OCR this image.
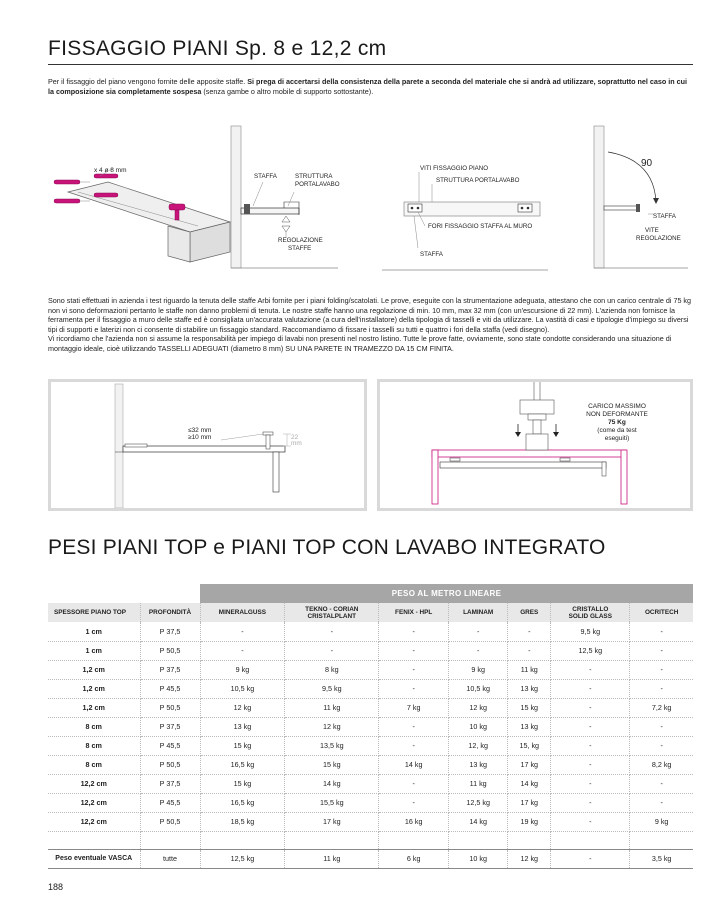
FISSAGGIO PIANI Sp. 8 e 12,2 cm
Per il fissaggio del piano vengono fornite delle apposite staffe. Si prega di accertarsi della consistenza della parete a seconda del materiale che si andrà ad utilizzare, soprattutto nel caso in cui la composizione sia completamente sospesa (senza gambe o altro mobile di supporto sottostante).
x 4 ø 8 mm
STAFFA	STRUTTURA PORTALAVABO
REGOLAZIONE STAFFE
VITI FISSAGGIO PIANO
STRUTTURA PORTALAVABO
FORI FISSAGGIO STAFFA AL MURO
STAFFA
90
STAFFA
VITE REGOLAZIONE

Sono stati effettuati in azienda i test riguardo la tenuta delle staffe Arbi fornite per i piani folding/scatolati. Le prove, eseguite con la strumentazione adeguata, attestano che con un carico centrale di 75 kg non vi sono deformazioni pertanto le staffe non danno problemi di tenuta. Le nostre staffe hanno una regolazione di min. 10 mm, max 32 mm (con un'escursione di 22 mm). L'azienda non fornisce la ferramenta per il fissaggio a muro delle staffe ed è consigliata un'accurata valutazione (a cura dell'installatore) della tipologia di tasselli e viti da utilizzare. La vastità di casi e tipologie d'impiego su diversi tipi di supporti e laterizi non ci consente di stabilire un fissaggio standard. Raccomandiamo di fissare i tasselli su tutti e quattro i fori della staffa (vedi disegno).

Vi ricordiamo che l'azienda non si assume la responsabilità per impiego di lavabi non presenti nel nostro listino. Tutte le prove fatte, ovviamente, sono state condotte considerando una situazione di montaggio ideale, cioè utilizzando TASSELLI ADEGUATI (diametro 8 mm) SU UNA PARETE IN TRAMEZZO DA 15 CM FINITA.

≤32 mm
≥10 mm	22
mm
CARICO MASSIMO
NON DEFORMANTE
75 Kg
(come da test
eseguiti)
PESI PIANI TOP e PIANI TOP CON LAVABO INTEGRATO
		PESO AL METRO LINEARE						
SPESSORE PIANO TOP	PROFONDITÀ	MINERALGUSS	TEKNO - CORIAN
CRISTALPLANT	FENIX - HPL	LAMINAM	GRES	CRISTALLO
SOLID GLASS	OCRITECH
1 cm	P 37,5	-	-	-	-	-	9,5 kg	-
1 cm	P 50,5	-	-	-	-	-	12,5 kg	-
1,2 cm	P 37,5	9 kg	8 kg	-	9 kg	11 kg	-	-
1,2 cm	P 45,5	10,5 kg	9,5 kg	-	10,5 kg	13 kg	-	-
1,2 cm	P 50,5	12 kg	11 kg	7 kg	12 kg	15 kg	-	7,2 kg
8 cm	P 37,5	13 kg	12 kg	-	10 kg	13 kg	-	-
8 cm	P 45,5	15 kg	13,5 kg	-	12, kg	15, kg	-	-
8 cm	P 50,5	16,5 kg	15 kg	14 kg	13 kg	17 kg	-	8,2 kg
12,2 cm	P 37,5	15 kg	14 kg	-	11 kg	14 kg	-	-
12,2 cm	P 45,5	16,5 kg	15,5 kg	-	12,5 kg	17 kg	-	-
12,2 cm	P 50,5	18,5 kg	17 kg	16 kg	14 kg	19 kg	-	9 kg

Peso eventuale VASCA	tutte	12,5 kg	11 kg	6 kg	10 kg	12 kg	-	3,5 kg
188
